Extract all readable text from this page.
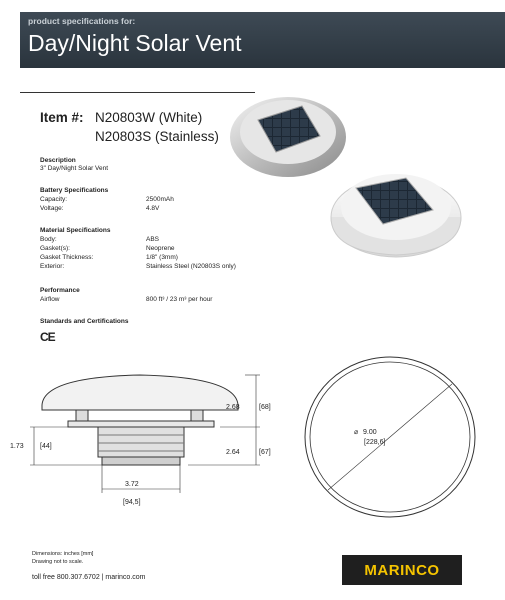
product specifications for:
Day/Night Solar Vent
Item #: N20803W (White)
N20803S (Stainless)
Description
3" Day/Night Solar Vent
Battery Specifications
Capacity:	2500mAh
Voltage:	4.8V
Material Specifications
Body:	ABS
Gasket(s):	Neoprene
Gasket Thickness:	1/8" (3mm)
Exterior:	Stainless Steel (N20803S only)
Performance
Airflow	800 ft³ / 23 m³ per hour
Standards and Certifications
CE
2.68	[68]
2.64	[67]
1.73 [44]
3.72
[94,5]
⌀ 9.00
[228,6]
Dimensions: inches [mm]
Drawing not to scale.
toll free 800.307.6702 | marinco.com	MARINCO
